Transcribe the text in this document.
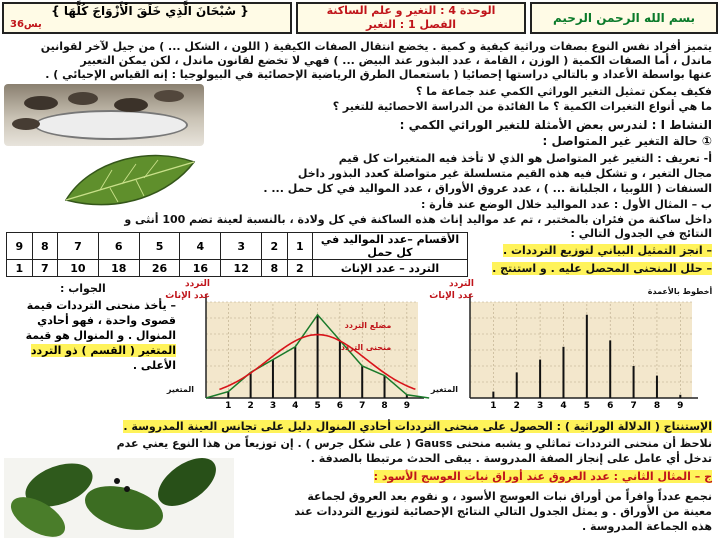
بسم الله الرحمن الرحيم
الوحدة 4 : التغير و علم الساكنة
الفصل 1 : التغير
{ سُبْحَانَ الَّذِي خَلَقَ الْأَزْوَاجَ كُلَّهَا }
يس36
يتميز أفراد نفس النوع بصفات وراثية كيفية و كمية . يخضع انتقال الصفات الكيفية ( اللون ، الشكل ... ) من جيل لآخر لقوانين
ماندل ، أما الصفات الكمية ( الوزن ، القامة ، عدد البذور عند البيض ... ) فهي لا تخضع لقانون ماندل ، لكن يمكن التعبير
عنها بواسطة الأعداد و بالتالي دراستها إحصائيا ( باستعمال الطرق الرياضية الإحصائية في البيولوجيا : إنه القياس الإحيائي ) .
فكيف يمكن تمثيل التغير الوراثي الكمي عند جماعة ما ؟
ما هي أنواع التغيرات الكمية ؟ ما الفائدة من الدراسة الاحصائية للتغير ؟
النشاط I : لندرس بعض الأمثلة للتغير الوراثي الكمي :
① حالة التغير غير المتواصل :
أ- تعريف : التغير غير المتواصل هو الذي لا تأخذ فيه المتغيرات كل قيم
مجال التغير ، و تشكل فيه هذه القيم متسلسلة غير متواصلة كعدد البذور داخل
السنفات ( اللوبيا ، الجلبانة ... ) ، عدد عروق الأوراق ، عدد المواليد في كل حمل ... .
ب – المثال الأول : عدد المواليد خلال الوضع عند فأرة :
داخل ساكنة من فئران بالمختبر ، تم عد مواليد إناث هذه الساكنة في كل ولادة ، بالنسبة لعينة تضم 100 أنثى و
النتائج في الجدول التالي :
الأقسام –عدد المواليد في كل حمل	1	2	3	4	5	6	7	8	9
التردد – عدد الإناث	2	8	12	16	26	18	10	7	1
– انجز التمثيل البياني لتوزيع الترددات .
– حلل المنحنى المحصل عليه . و استنتج .
1 2 3 4 5 6 7 8 9
التردد
عدد الإناث
المتغير
أخطوط بالأعمدة
1 2 3 4 5 6 7 8 9
التردد
عدد الإناث
المتغير
مضلع التردد
منحنى التردد
الجواب :
– يأخذ منحنى الترددات قيمة
قصوى واحدة ، فهو أحادي
المنوال . و المنوال هو قيمة
المتغير ( القسم ) ذو التردد
الأعلى .
الإستنتاج ( الدلالة الوراثية ) : الحصول على منحنى الترددات أحادي المنوال دليل على تجانس العينة المدروسة .
نلاحظ أن منحنى الترددات تماثلي و يشبه منحنى Gauss ( على شكل جرس ) . إن توزيعاً من هذا النوع يعني عدم
تدخل أي عامل على إنجاز الصفة المدروسة . يبقى الحدث مرتبطا بالصدفة .
ج – المثال الثاني : عدد العروق عند أوراق نبات العوسج الأسود :
نجمع عدداً وافراً من أوراق نبات العوسج الأسود ، و نقوم بعد العروق لجماعة
معينة من الأوراق . و يمثل الجدول التالي النتائج الإحصائية لتوزيع الترددات عند
هذه الجماعة المدروسة .
